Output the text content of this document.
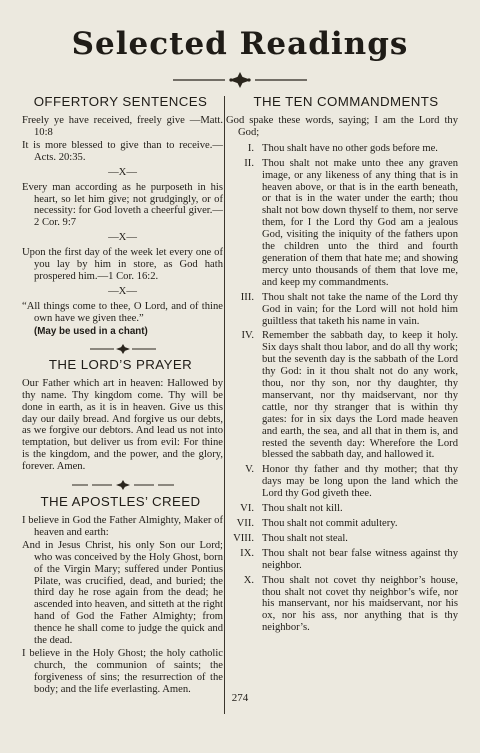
Selected Readings
OFFERTORY SENTENCES

Freely ye have received, freely give —Matt. 10:8

It is more blessed to give than to receive.—Acts. 20:35.

—X—

Every man according as he purposeth in his heart, so let him give; not grudgingly, or of necessity: for God loveth a cheerful giver.—2 Cor. 9:7

—X—

Upon the first day of the week let every one of you lay by him in store, as God hath prospered him.—1 Cor. 16:2.

—X—

“All things come to thee, O Lord, and of thine own have we given thee.”

(May be used in a chant)
THE LORD’S PRAYER

Our Father which art in heaven: Hallowed by thy name. Thy kingdom come. Thy will be done in earth, as it is in heaven. Give us this day our daily bread. And forgive us our debts, as we forgive our debtors. And lead us not into temptation, but deliver us from evil: For thine is the kingdom, and the power, and the glory, forever. Amen.

THE APOSTLES’ CREED

I believe in God the Father Almighty, Maker of heaven and earth:

And in Jesus Christ, his only Son our Lord; who was conceived by the Holy Ghost, born of the Virgin Mary; suffered under Pontius Pilate, was crucified, dead, and buried; the third day he rose again from the dead; he ascended into heaven, and sitteth at the right hand of God the Father Almighty; from thence he shall come to judge the quick and the dead.

I believe in the Holy Ghost; the holy catholic church, the communion of saints; the forgiveness of sins; the resurrection of the body; and the life everlasting. Amen.

THE TEN COMMANDMENTS
God spake these words, saying; I am the Lord thy God;
I. Thou shalt have no other gods before me.
II. Thou shalt not make unto thee any graven image, or any likeness of any thing that is in heaven above, or that is in the earth beneath, or that is in the water under the earth; thou shalt not bow down thyself to them, nor serve them, for I the Lord thy God am a jealous God, visiting the iniquity of the fathers upon the children unto the third and fourth generation of them that hate me; and showing mercy unto thousands of them that love me, and keep my commandments.
III. Thou shalt not take the name of the Lord thy God in vain; for the Lord will not hold him guiltless that taketh his name in vain.
IV. Remember the sabbath day, to keep it holy. Six days shalt thou labor, and do all thy work; but the seventh day is the sabbath of the Lord thy God: in it thou shalt not do any work, thou, nor thy son, nor thy daughter, thy manservant, nor thy maidservant, nor thy cattle, nor thy stranger that is within thy gates: for in six days the Lord made heaven and earth, the sea, and all that in them is, and rested the seventh day: Wherefore the Lord blessed the sabbath day, and hallowed it.
V. Honor thy father and thy mother; that thy days may be long upon the land which the Lord thy God giveth thee.
VI. Thou shalt not kill.
VII. Thou shalt not commit adultery.
VIII. Thou shalt not steal.
IX. Thou shalt not bear false witness against thy neighbor.
X. Thou shalt not covet thy neighbor’s house, thou shalt not covet thy neighbor’s wife, nor his manservant, nor his maidservant, nor his ox, nor his ass, nor anything that is thy neighbor’s.
274
